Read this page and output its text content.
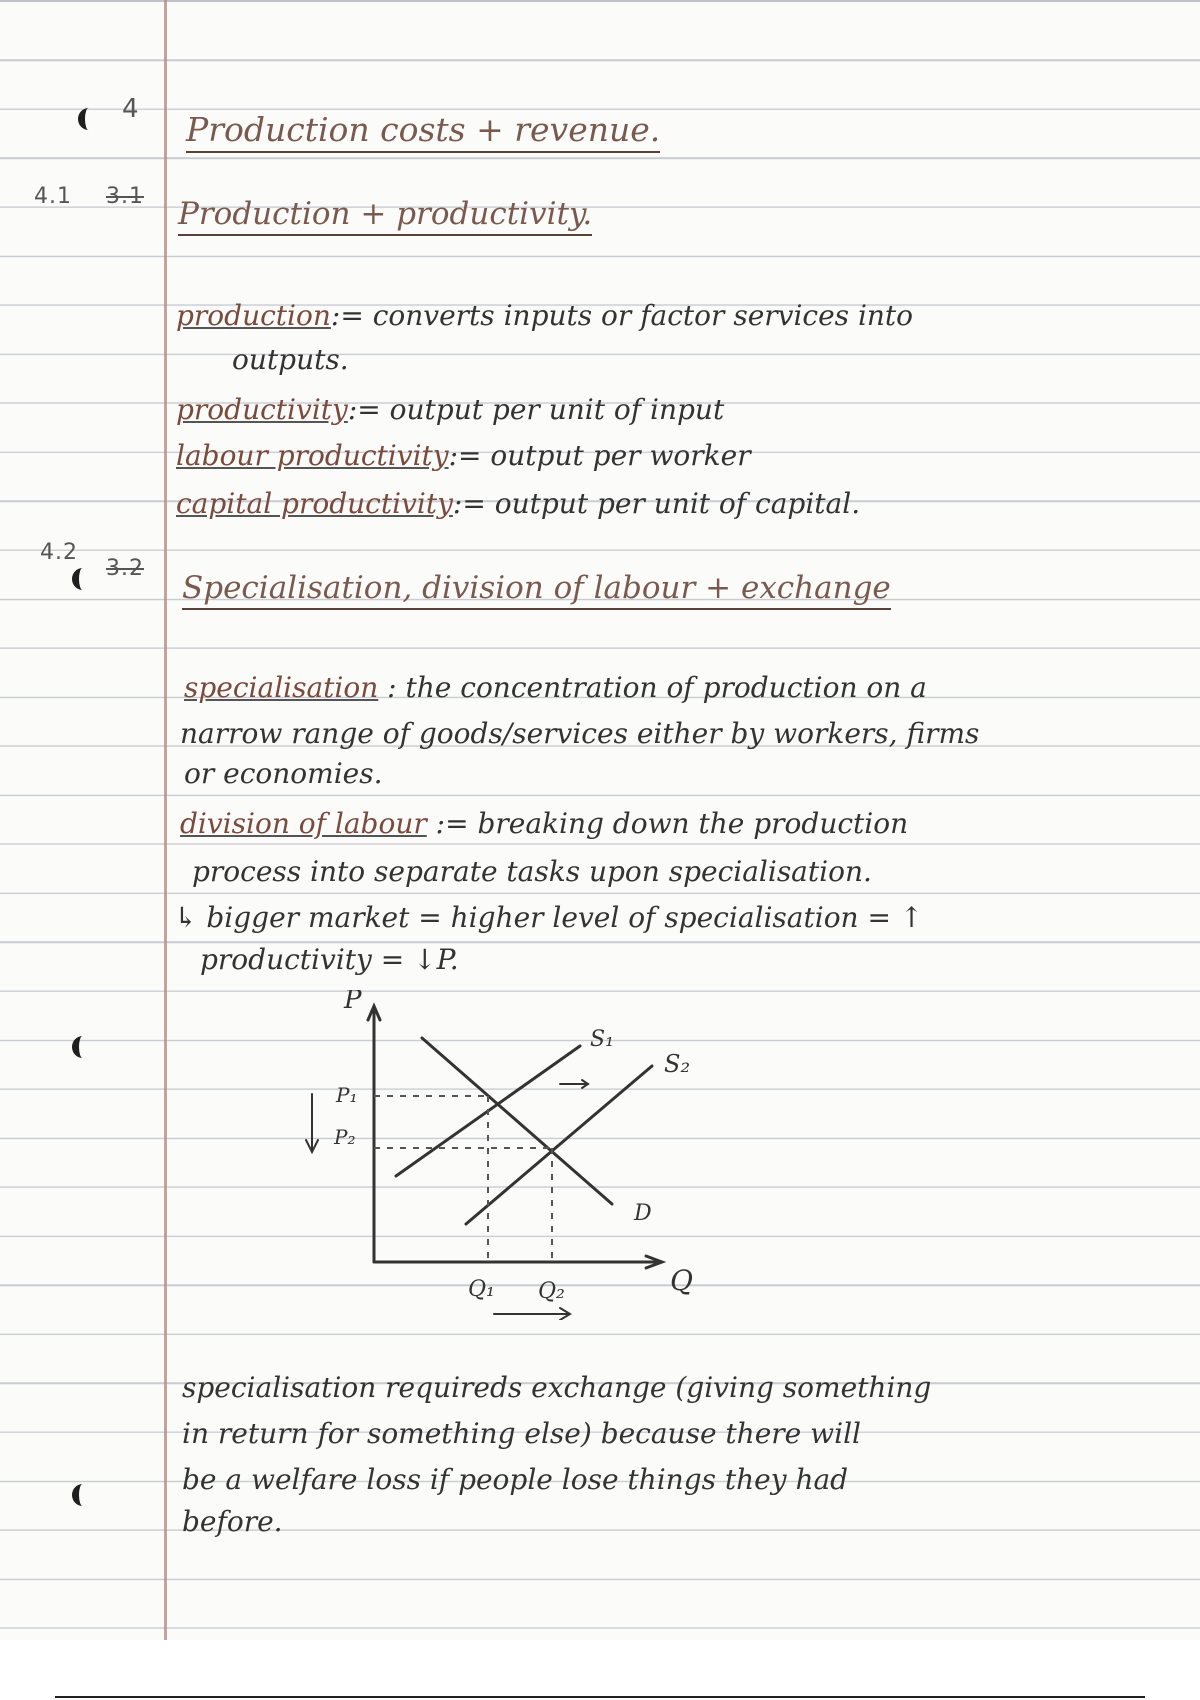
4
Production costs + revenue.
4.1 3.1 Production + productivity.
production:= converts inputs or factor services into
outputs.
productivity:= output per unit of input
labour productivity:= output per worker
capital productivity:= output per unit of capital.
4.2
3.2
Specialisation, division of labour + exchange
specialisation : the concentration of production on a
narrow range of goods/services either by workers, firms
or economies.
division of labour := breaking down the production
process into separate tasks upon specialisation.
↳ bigger market = higher level of specialisation = ↑
productivity = ↓P.
P
Q
P₁
P₂
Q₁ Q₂
S₁
S₂
D
specialisation requireds exchange (giving something
in return for something else) because there will
be a welfare loss if people lose things they had
before.
